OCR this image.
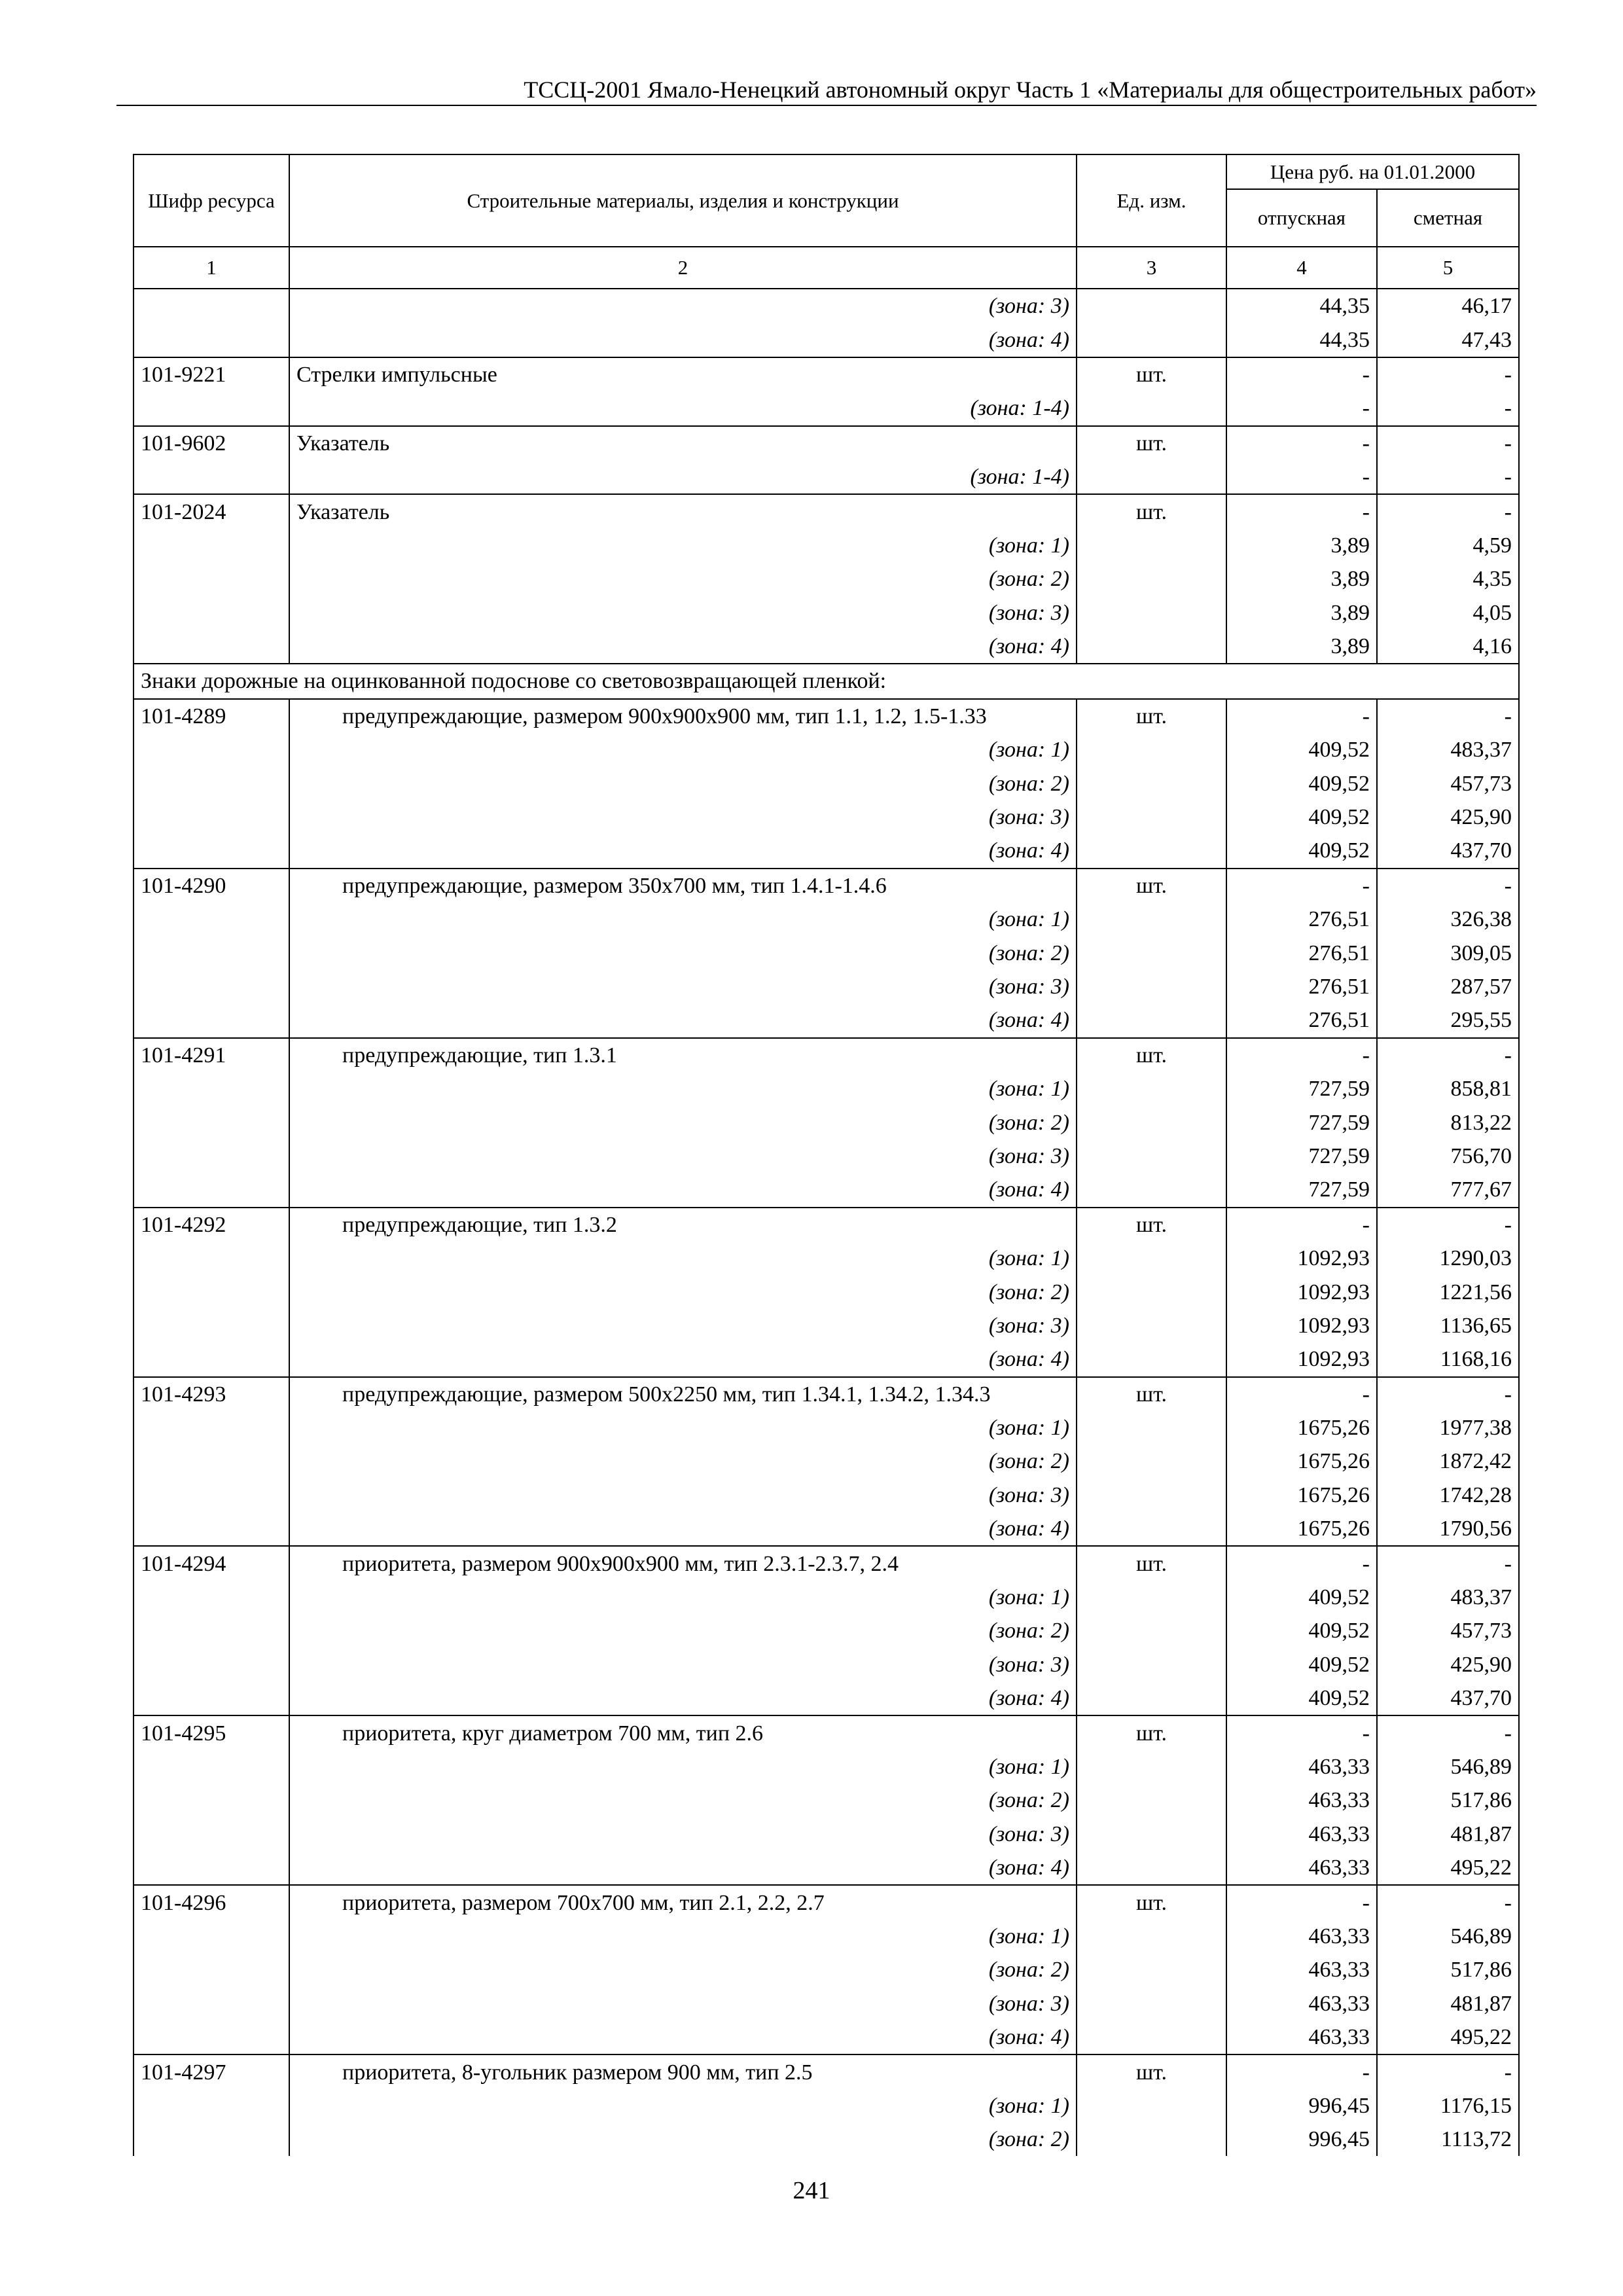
ТССЦ-2001 Ямало-Ненецкий автономный округ Часть 1 «Материалы для общестроительных работ»
Шифр ресурса	Строительные материалы, изделия и конструкции	Ед. изм.	Цена руб. на 01.01.2000	
			отпускная	сметная
1	2	3	4	5
	(зона: 3)		44,35	46,17
	(зона: 4)		44,35	47,43
101-9221	Стрелки импульсные	шт.	-	-
	(зона: 1-4)		-	-
101-9602	Указатель	шт.	-	-
	(зона: 1-4)		-	-
101-2024	Указатель	шт.	-	-
	(зона: 1)		3,89	4,59
	(зона: 2)		3,89	4,35
	(зона: 3)		3,89	4,05
	(зона: 4)		3,89	4,16
Знаки дорожные на оцинкованной подоснове со световозвращающей пленкой:				
101-4289	предупреждающие, размером 900x900x900 мм, тип 1.1, 1.2, 1.5-1.33	шт.	-	-
	(зона: 1)		409,52	483,37
	(зона: 2)		409,52	457,73
	(зона: 3)		409,52	425,90
	(зона: 4)		409,52	437,70
101-4290	предупреждающие, размером 350x700 мм, тип 1.4.1-1.4.6	шт.	-	-
	(зона: 1)		276,51	326,38
	(зона: 2)		276,51	309,05
	(зона: 3)		276,51	287,57
	(зона: 4)		276,51	295,55
101-4291	предупреждающие, тип 1.3.1	шт.	-	-
	(зона: 1)		727,59	858,81
	(зона: 2)		727,59	813,22
	(зона: 3)		727,59	756,70
	(зона: 4)		727,59	777,67
101-4292	предупреждающие, тип 1.3.2	шт.	-	-
	(зона: 1)		1092,93	1290,03
	(зона: 2)		1092,93	1221,56
	(зона: 3)		1092,93	1136,65
	(зона: 4)		1092,93	1168,16
101-4293	предупреждающие, размером 500x2250 мм, тип 1.34.1, 1.34.2, 1.34.3	шт.	-	-
	(зона: 1)		1675,26	1977,38
	(зона: 2)		1675,26	1872,42
	(зона: 3)		1675,26	1742,28
	(зона: 4)		1675,26	1790,56
101-4294	приоритета, размером 900x900x900 мм, тип 2.3.1-2.3.7, 2.4	шт.	-	-
	(зона: 1)		409,52	483,37
	(зона: 2)		409,52	457,73
	(зона: 3)		409,52	425,90
	(зона: 4)		409,52	437,70
101-4295	приоритета, круг диаметром 700 мм, тип 2.6	шт.	-	-
	(зона: 1)		463,33	546,89
	(зона: 2)		463,33	517,86
	(зона: 3)		463,33	481,87
	(зона: 4)		463,33	495,22
101-4296	приоритета, размером 700x700 мм, тип 2.1, 2.2, 2.7	шт.	-	-
	(зона: 1)		463,33	546,89
	(зона: 2)		463,33	517,86
	(зона: 3)		463,33	481,87
	(зона: 4)		463,33	495,22
101-4297	приоритета, 8-угольник размером 900 мм, тип 2.5	шт.	-	-
	(зона: 1)		996,45	1176,15
	(зона: 2)		996,45	1113,72
241
